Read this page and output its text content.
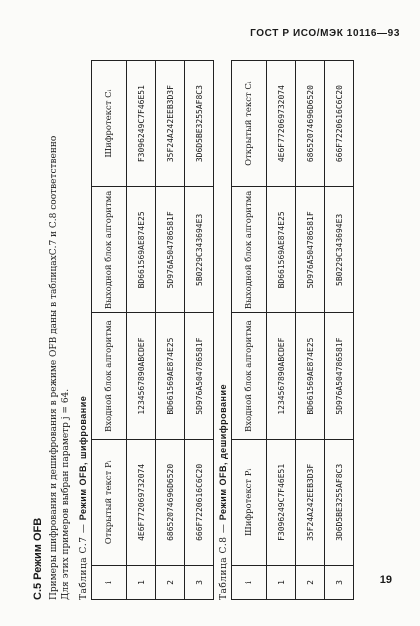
ГОСТ Р ИСО/МЭК 10116—93

С.5 Режим OFB Примеры шифрования и дешифрования в режиме OFB даны в таблицахС.7 и С.8 соответственно Для этих примеров выбран параметр j = 64. Таблица С.7 — Режим OFB, шифрование

i	Открытый текст Pᵢ	Входной блок алгоритма	Выходной блок алгоритма	Шифротекст Cᵢ
1	4E6F772069732074	1234567890ABCDEF	BD661569AE874E25	F3096249C7F46E51
2	68652074696D6520	BD661569AE874E25	5D976A504786581F	35F24A242EEB3D3F
3	666F7220616C6C20	5D976A504786581F	5B0229C343694E3	3D6D5BE3255AF8C3

Таблица С.8 — Режим OFB, дешифрование

i	Шифротекст Pᵢ	Входной блок алгоритма	Выходной блок алгоритма	Открытый текст Cᵢ
1	F3096249C7F46E51	1234567890ABCDEF	BD661569AE874E25	4E6F772069732074
2	35F24A242EEB3D3F	BD661569AE874E25	5D976A504786581F	68652074696D6520
3	3D6D5BE3255AF8C3	5D976A504786581F	5B0229C343694E3	666F7220616C6C20
19
